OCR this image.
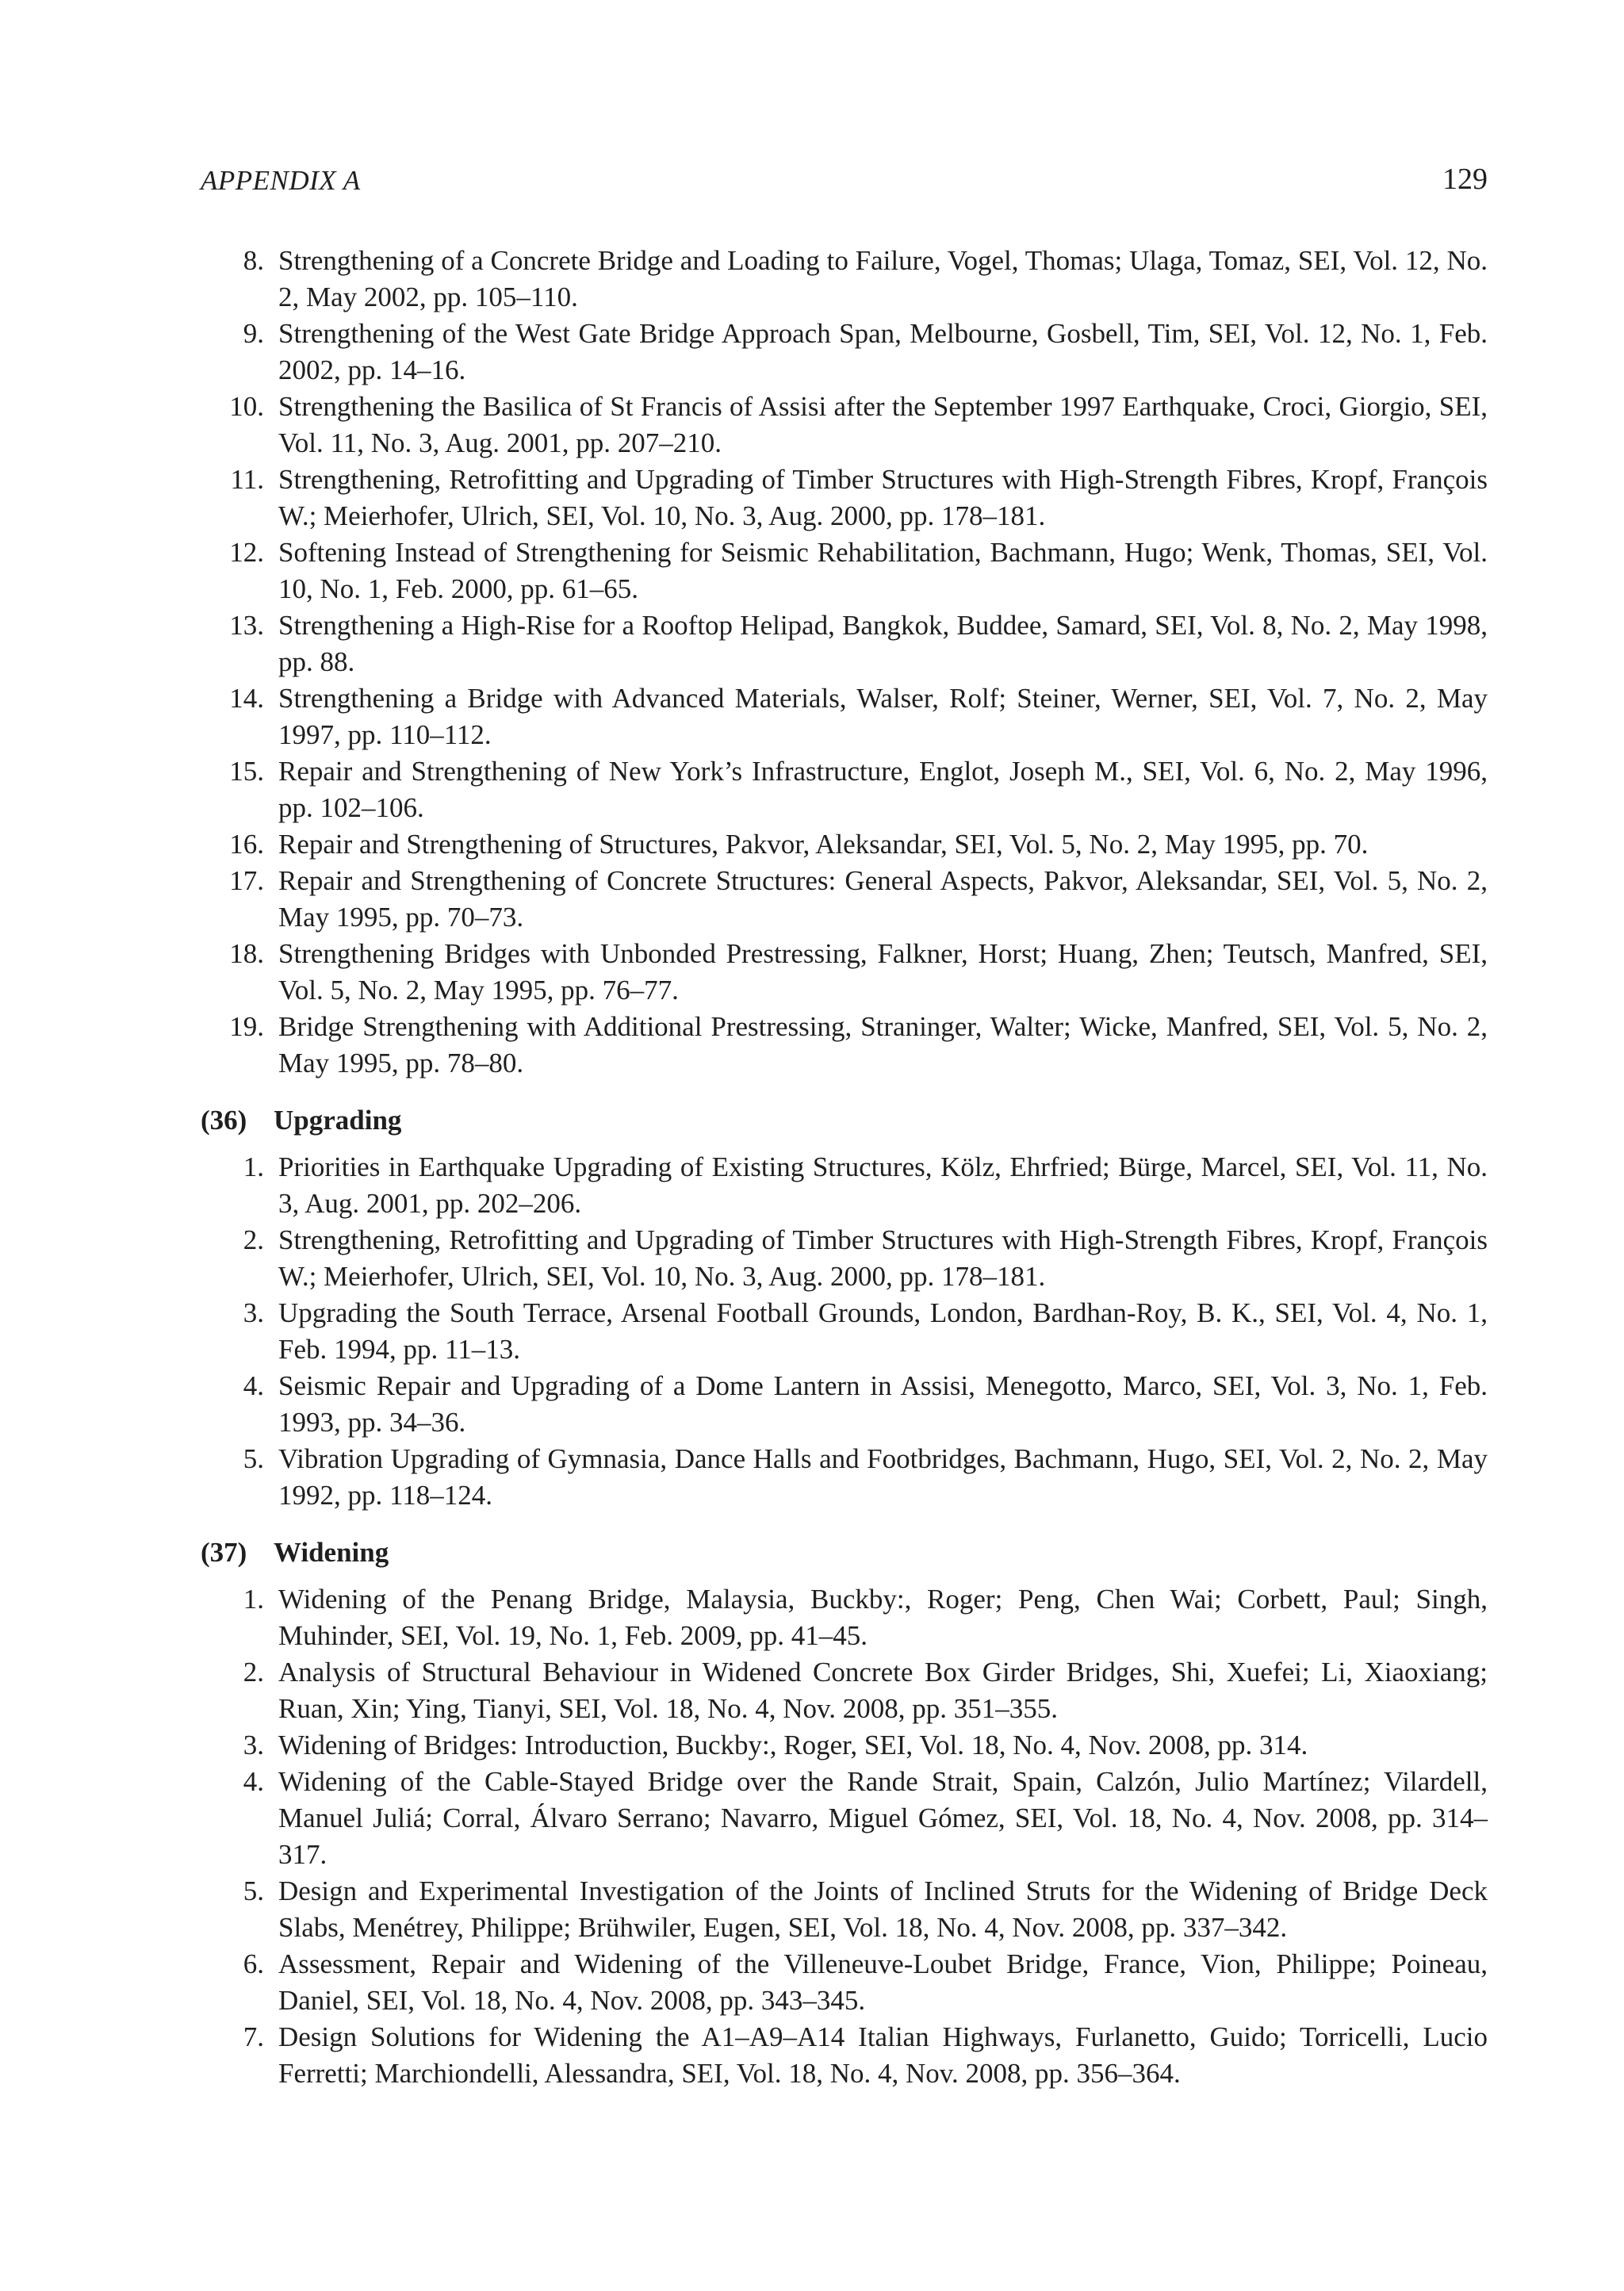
APPENDIX A	129
8. Strengthening of a Concrete Bridge and Loading to Failure, Vogel, Thomas; Ulaga, Tomaz, SEI, Vol. 12, No. 2, May 2002, pp. 105–110.
9. Strengthening of the West Gate Bridge Approach Span, Melbourne, Gosbell, Tim, SEI, Vol. 12, No. 1, Feb. 2002, pp. 14–16.
10. Strengthening the Basilica of St Francis of Assisi after the September 1997 Earthquake, Croci, Giorgio, SEI, Vol. 11, No. 3, Aug. 2001, pp. 207–210.
11. Strengthening, Retrofitting and Upgrading of Timber Structures with High-Strength Fibres, Kropf, François W.; Meierhofer, Ulrich, SEI, Vol. 10, No. 3, Aug. 2000, pp. 178–181.
12. Softening Instead of Strengthening for Seismic Rehabilitation, Bachmann, Hugo; Wenk, Thomas, SEI, Vol. 10, No. 1, Feb. 2000, pp. 61–65.
13. Strengthening a High-Rise for a Rooftop Helipad, Bangkok, Buddee, Samard, SEI, Vol. 8, No. 2, May 1998, pp. 88.
14. Strengthening a Bridge with Advanced Materials, Walser, Rolf; Steiner, Werner, SEI, Vol. 7, No. 2, May 1997, pp. 110–112.
15. Repair and Strengthening of New York’s Infrastructure, Englot, Joseph M., SEI, Vol. 6, No. 2, May 1996, pp. 102–106.
16. Repair and Strengthening of Structures, Pakvor, Aleksandar, SEI, Vol. 5, No. 2, May 1995, pp. 70.
17. Repair and Strengthening of Concrete Structures: General Aspects, Pakvor, Aleksandar, SEI, Vol. 5, No. 2, May 1995, pp. 70–73.
18. Strengthening Bridges with Unbonded Prestressing, Falkner, Horst; Huang, Zhen; Teutsch, Manfred, SEI, Vol. 5, No. 2, May 1995, pp. 76–77.
19. Bridge Strengthening with Additional Prestressing, Straninger, Walter; Wicke, Manfred, SEI, Vol. 5, No. 2, May 1995, pp. 78–80.
(36) Upgrading
1. Priorities in Earthquake Upgrading of Existing Structures, Kölz, Ehrfried; Bürge, Marcel, SEI, Vol. 11, No. 3, Aug. 2001, pp. 202–206.
2. Strengthening, Retrofitting and Upgrading of Timber Structures with High-Strength Fibres, Kropf, François W.; Meierhofer, Ulrich, SEI, Vol. 10, No. 3, Aug. 2000, pp. 178–181.
3. Upgrading the South Terrace, Arsenal Football Grounds, London, Bardhan-Roy, B. K., SEI, Vol. 4, No. 1, Feb. 1994, pp. 11–13.
4. Seismic Repair and Upgrading of a Dome Lantern in Assisi, Menegotto, Marco, SEI, Vol. 3, No. 1, Feb. 1993, pp. 34–36.
5. Vibration Upgrading of Gymnasia, Dance Halls and Footbridges, Bachmann, Hugo, SEI, Vol. 2, No. 2, May 1992, pp. 118–124.
(37) Widening
1. Widening of the Penang Bridge, Malaysia, Buckby:, Roger; Peng, Chen Wai; Corbett, Paul; Singh, Muhinder, SEI, Vol. 19, No. 1, Feb. 2009, pp. 41–45.
2. Analysis of Structural Behaviour in Widened Concrete Box Girder Bridges, Shi, Xuefei; Li, Xiaoxiang; Ruan, Xin; Ying, Tianyi, SEI, Vol. 18, No. 4, Nov. 2008, pp. 351–355.
3. Widening of Bridges: Introduction, Buckby:, Roger, SEI, Vol. 18, No. 4, Nov. 2008, pp. 314.
4. Widening of the Cable-Stayed Bridge over the Rande Strait, Spain, Calzón, Julio Martínez; Vilardell, Manuel Juliá; Corral, Álvaro Serrano; Navarro, Miguel Gómez, SEI, Vol. 18, No. 4, Nov. 2008, pp. 314–317.
5. Design and Experimental Investigation of the Joints of Inclined Struts for the Widening of Bridge Deck Slabs, Menétrey, Philippe; Brühwiler, Eugen, SEI, Vol. 18, No. 4, Nov. 2008, pp. 337–342.
6. Assessment, Repair and Widening of the Villeneuve-Loubet Bridge, France, Vion, Philippe; Poineau, Daniel, SEI, Vol. 18, No. 4, Nov. 2008, pp. 343–345.
7. Design Solutions for Widening the A1–A9–A14 Italian Highways, Furlanetto, Guido; Torricelli, Lucio Ferretti; Marchiondelli, Alessandra, SEI, Vol. 18, No. 4, Nov. 2008, pp. 356–364.
